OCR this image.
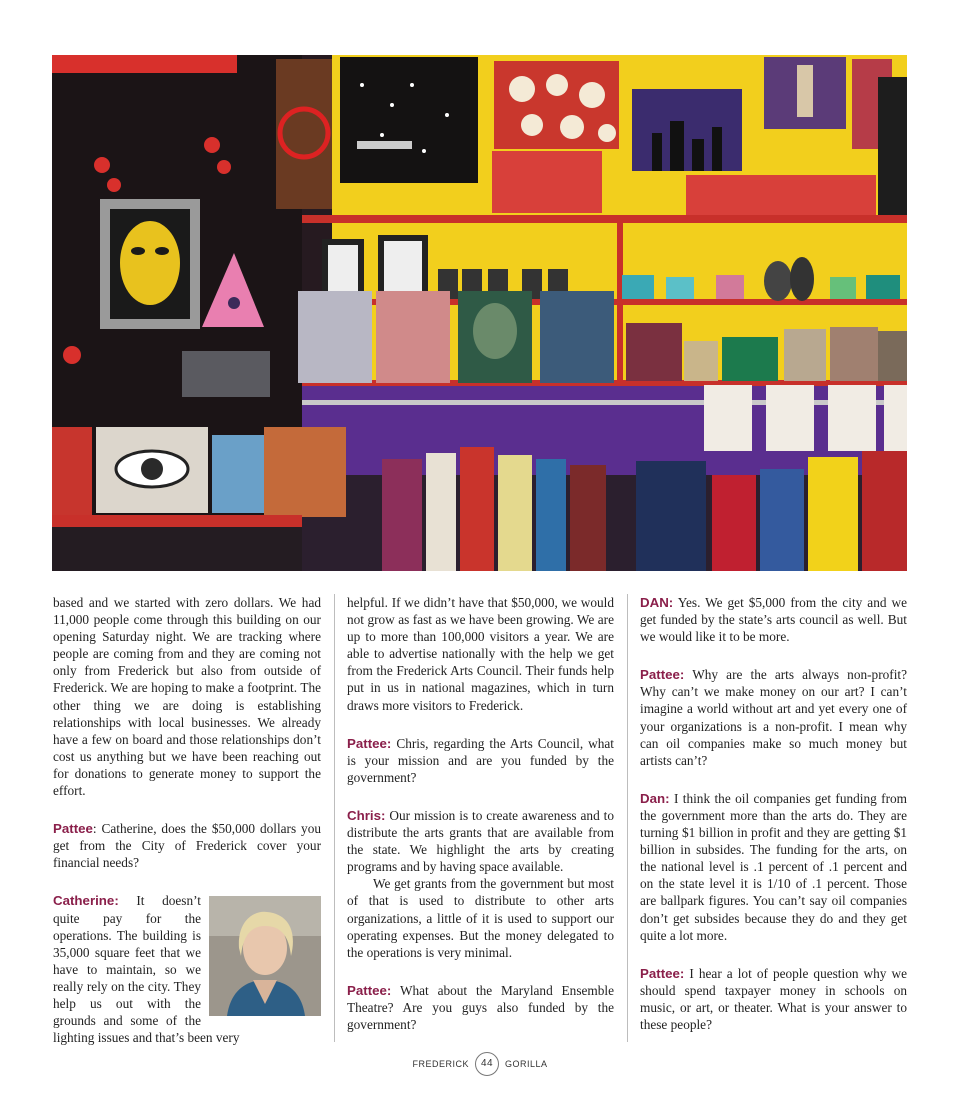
based and we started with zero dollars. We had 11,000 people come through this building on our opening Saturday night. We are tracking where people are coming from and they are coming not only from Frederick but also from outside of Frederick. We are hoping to make a footprint. The other thing we are doing is establishing relationships with local businesses. We already have a few on board and those relationships don’t cost us anything but we have been reaching out for donations to generate money to support the effort.

Pattee: Catherine, does the $50,000 dollars you get from the City of Frederick cover your financial needs?

Catherine:
It doesn’t quite pay for the operations. The building is 35,000 square feet that we have to maintain, so we really rely on the city. They help us out with the grounds and some of the lighting issues and that’s been very

helpful. If we didn’t have that $50,000, we would not grow as fast as we have been growing. We are up to more than 100,000 visitors a year. We are able to advertise nationally with the help we get from the Frederick Arts Council. Their funds help put in us in national magazines, which in turn draws more visitors to Frederick.

Pattee: Chris, regarding the Arts Council, what is your mission and are you funded by the government?

Chris: Our mission is to create awareness and to distribute the arts grants that are available from the state. We highlight the arts by creating programs and by having space available.

We get grants from the government but most of that is used to distribute to other arts organizations, a little of it is used to support our operating expenses. But the money delegated to the operations is very minimal.

Pattee: What about the Maryland Ensemble Theatre? Are you guys also funded by the government?

DAN: Yes. We get $5,000 from the city and we get funded by the state’s arts council as well. But we would like it to be more.

Pattee: Why are the arts always non-profit? Why can’t we make money on our art? I can’t imagine a world without art and yet every one of your organizations is a non-profit. I mean why can oil companies make so much money but artists can’t?

Dan: I think the oil companies get funding from the government more than the arts do. They are turning $1 billion in profit and they are getting $1 billion in subsides. The funding for the arts, on the national level is .1 percent of .1 percent and on the state level it is 1/10 of .1 percent. Those are ballpark figures. You can’t say oil companies don’t get subsides because they do and they get quite a lot more.

Pattee: I hear a lot of people question why we should spend taxpayer money in schools on music, or art, or theater. What is your answer to these people?

FREDERICK 44 GORILLA
